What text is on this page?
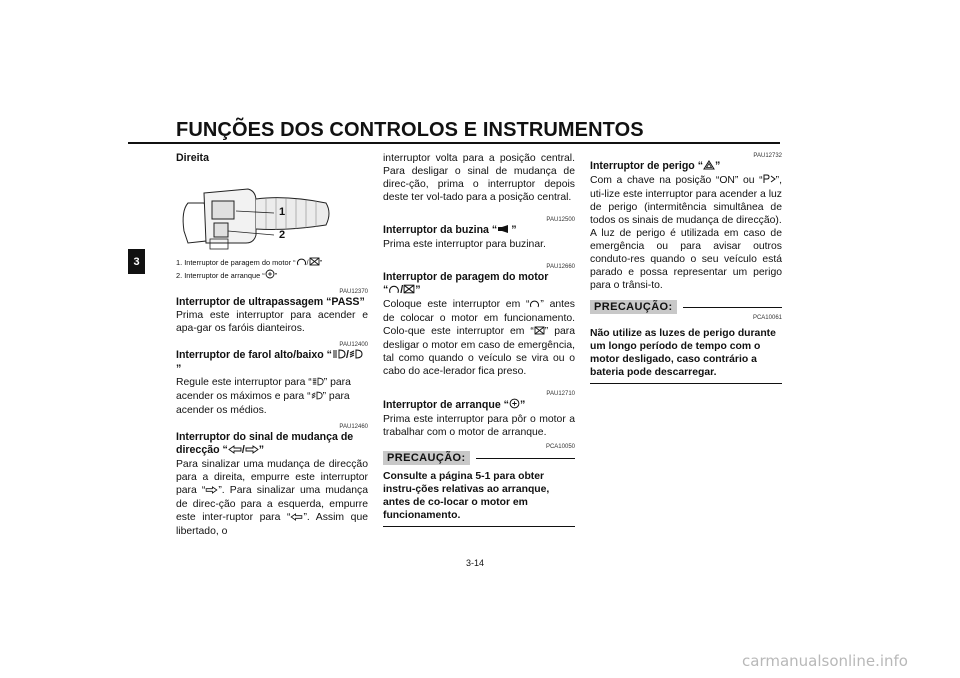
FUNÇÕES DOS CONTROLOS E INSTRUMENTOS
3

Direita

1
2

1. Interruptor de paragem do motor “ / ”

2. Interruptor de arranque “ ”

PAU12370

Interruptor de ultrapassagem “PASS”

Prima este interruptor para acender e apa-gar os faróis dianteiros.

PAU12400

Interruptor de farol alto/baixo “ /”

Regule este interruptor para “ ” para

acender os máximos e para “ ” para

acender os médios.

PAU12460

Interruptor do sinal de mudança de

direcção “ / ”

Para sinalizar uma mudança de direcção para a direita, empurre este interruptor para “ ”. Para sinalizar uma mudança de direc-ção para a esquerda, empurre este inter-ruptor para “ ”. Assim que libertado, o

interruptor volta para a posição central. Para desligar o sinal de mudança de direc-ção, prima o interruptor depois deste ter vol-tado para a posição central.

PAU12500

Interruptor da buzina “ ”

Prima este interruptor para buzinar.

PAU12660

Interruptor de paragem do motor

“ / ”

Coloque este interruptor em “ ” antes de colocar o motor em funcionamento. Colo-que este interruptor em “ ” para desligar o motor em caso de emergência, tal como quando o veículo se vira ou o cabo do ace-lerador fica preso.

PAU12710

Interruptor de arranque “ ”

Prima este interruptor para pôr o motor a trabalhar com o motor de arranque.

PCA10050

PRECAUÇÃO:

Consulte a página 5-1 para obter instru-ções relativas ao arranque, antes de co-locar o motor em funcionamento.

PAU12732

Interruptor de perigo “ ”

Com a chave na posição “ON” ou “ ”, uti-lize este interruptor para acender a luz de perigo (intermitência simultânea de todos os sinais de mudança de direcção).

A luz de perigo é utilizada em caso de emergência ou para avisar outros conduto-res quando o seu veículo está parado e possa representar um perigo para o trânsi-to.

PRECAUÇÃO:

PCA10061

Não utilize as luzes de perigo durante um longo período de tempo com o motor desligado, caso contrário a bateria pode descarregar.

3-14
carmanualsonline.info
